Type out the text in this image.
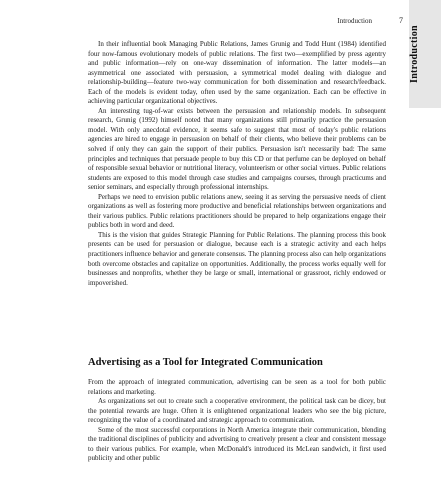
Introduction	7
Introduction

In their influential book Managing Public Relations, James Grunig and Todd Hunt (1984) identified four now-famous evolutionary models of public relations. The first two—exemplified by press agentry and public information—rely on one-way dissemination of information. The latter models—an asymmetrical one associated with persuasion, a symmetrical model dealing with dialogue and relationship-building—feature two-way communication for both dissemination and research/feedback. Each of the models is evident today, often used by the same organization. Each can be effective in achieving particular organizational objectives.

An interesting tug-of-war exists between the persuasion and relationship models. In subsequent research, Grunig (1992) himself noted that many organizations still primarily practice the persuasion model. With only anecdotal evidence, it seems safe to suggest that most of today's public relations agencies are hired to engage in persuasion on behalf of their clients, who believe their problems can be solved if only they can gain the support of their publics. Persuasion isn't necessarily bad: The same principles and techniques that persuade people to buy this CD or that perfume can be deployed on behalf of responsible sexual behavior or nutritional literacy, volunteerism or other social virtues. Public relations students are exposed to this model through case studies and campaigns courses, through practicums and senior seminars, and especially through professional internships.

Perhaps we need to envision public relations anew, seeing it as serving the persuasive needs of client organizations as well as fostering more productive and beneficial relationships between organizations and their various publics. Public relations practitioners should be prepared to help organizations engage their publics both in word and deed.

This is the vision that guides Strategic Planning for Public Relations. The planning process this book presents can be used for persuasion or dialogue, because each is a strategic activity and each helps practitioners influence behavior and generate consensus. The planning process also can help organizations both overcome obstacles and capitalize on opportunities. Additionally, the process works equally well for businesses and nonprofits, whether they be large or small, international or grassroot, richly endowed or impoverished.

Advertising as a Tool for Integrated Communication

From the approach of integrated communication, advertising can be seen as a tool for both public relations and marketing.

As organizations set out to create such a cooperative environment, the political task can be dicey, but the potential rewards are huge. Often it is enlightened organizational leaders who see the big picture, recognizing the value of a coordinated and strategic approach to communication.

Some of the most successful corporations in North America integrate their communication, blending the traditional disciplines of publicity and advertising to creatively present a clear and consistent message to their various publics. For example, when McDonald's introduced its McLean sandwich, it first used publicity and other public
